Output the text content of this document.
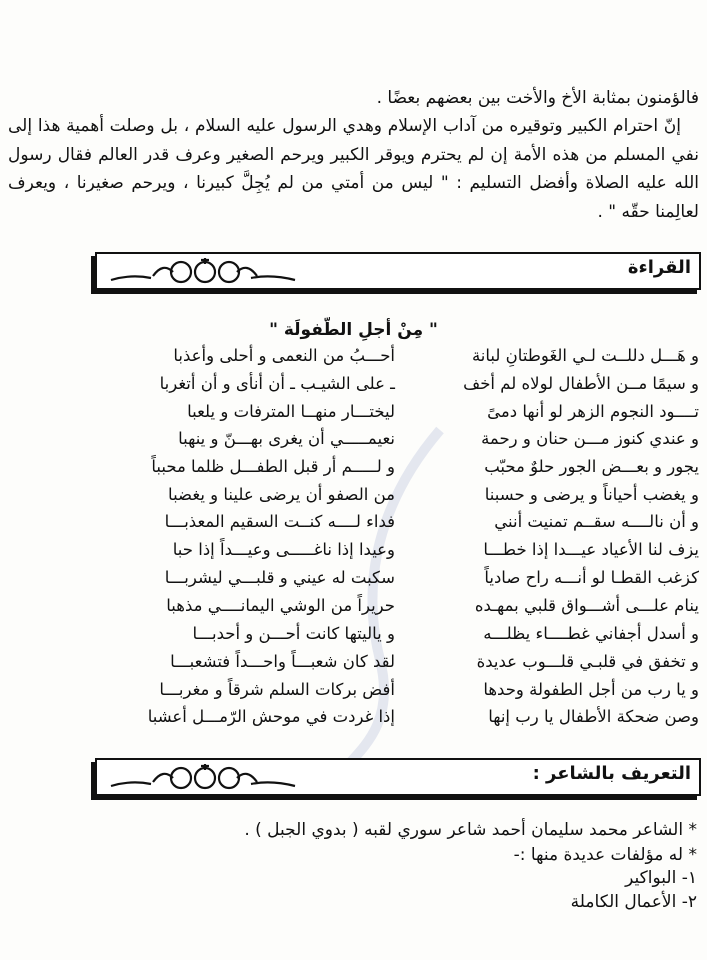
فالؤمنون بمثابة الأخ والأخت بين بعضهم بعضًا .
إنّ احترام الكبير وتوقيره من آداب الإسلام وهدي الرسول عليه السلام ، بل وصلت أهمية هذا إلى نفي المسلم من هذه الأمة إن لم يحترم ويوقر الكبير ويرحم الصغير وعرف قدر العالم فقال رسول الله عليه الصلاة وأفضل التسليم : " ليس من أمتي من لم يُجِلَّ كبيرنا ، ويرحم صغيرنا ، ويعرف لعالِمنا حقّه " .
القراءة
" مِنْ أجلِ الطّفولَة "
و هَـــل دللــت لـي الغَوطتانِ لبانة
أحـــبُ من النعمى و أحلى وأعذبا
و سيمًا مــن الأطفال لولاه لم أخف
ـ على الشيـب ـ أن أنأى و أن أتغربا
تــــود النجوم الزهر لو أنها دمىً
ليختـــار منهــا المترفات و يلعبا
و عندي كنوز مـــن حنان و رحمة
نعيمـــــي أن يغرى بهـــنّ و ينهبا
يجور و بعـــض الجور حلوٌ محبّب
و لـــــم أر قبل الطفـــل ظلما محبباً
و يغضب أحياناً و يرضى و حسبنا
من الصفو أن يرضى علينا و يغضبا
و أن نالــــه سقــم تمنيت أنني
فداء لــــه كنــت السقيم المعذبـــا
يزف لنا الأعياد عيـــدا إذا خطـــا
وعيدا إذا ناغـــــى وعيـــداً إذا حبا
كزغب القطـا لو أنـــه راح صادياً
سكبت له عيني و قلبـــي ليشربـــا
ينام علـــى أشـــواق قلبي بمهـده
حريراً من الوشي اليمانــــي مذهبا
و أسدل أجفاني غطــــاء يظلـــه
و ياليتها كانت أحـــن و أحدبـــا
و تخفق في قلبـي قلـــوب عديدة
لقد كان شعبـــاً واحـــداً فتشعبـــا
و يا رب من أجل الطفولة وحدها
أفض بركات السلم شرقاً و مغربـــا
وصن ضحكة الأطفال يا رب إنها
إذا غردت في موحش الرّمـــل أعشبا
التعريف بالشاعر :
* الشاعر محمد سليمان أحمد شاعر سوري لقبه ( بدوي الجبل ) .
* له مؤلفات عديدة منها :-
١- البواكير
٢- الأعمال الكاملة
